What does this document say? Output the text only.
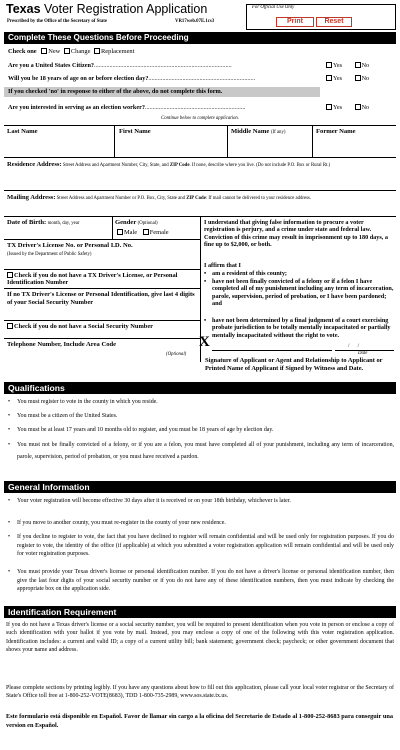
Texas Voter Registration Application
Prescribed by the Office of the Secretary of State	VR17web.07E.1cs3
For Official Use Only
Print	Reset
Complete These Questions Before Proceeding
Check one New Change Replacement
Are you a United States Citizen?.........................................................................................	Yes	No
Will you be 18 years of age on or before election day?.....................................................................	Yes	No
If you checked 'no' in response to either of the above, do not complete this form.
Are you interested in serving as an election worker?.................................................................	Yes	No
Continue below to complete application.
Last Name	First Name	Middle Name (If any)	Former Name
Residence Address: Street Address and Apartment Number, City, State, and ZIP Code. If none, describe where you live. (Do not include P.O. Box or Rural Rt.)
Mailing Address: Street Address and Apartment Number or P.O. Box, City, State and ZIP Code: If mail cannot be delivered to your residence address.
Date of Birth: month, day, year	Gender (Optional)
Male Female
TX Driver's License No. or Personal I.D. No.
(Issued by the Department of Public Safety)
Check if you do not have a TX Driver's License, or Personal Identification Number
If no TX Driver's License or Personal Identification, give last 4 digits of your Social Security Number
Check if you do not have a Social Security Number
Telephone Number, Include Area Code
(Optional)
I understand that giving false information to procure a voter registration is perjury, and a crime under state and federal law. Conviction of this crime may result in imprisonment up to 180 days, a fine up to $2,000, or both.
I affirm that I
• am a resident of this county;
• have not been finally convicted of a felony or if a felon I have completed all of my punishment including any term of incarceration, parole, supervision, period of probation, or I have been pardoned; and
• have not been determined by a final judgment of a court exercising probate jurisdiction to be totally mentally incapacitated or partially mentally incapacitated without the right to vote.
X	/      /
Date
Signature of Applicant or Agent and Relationship to Applicant or Printed Name of Applicant if Signed by Witness and Date.
Qualifications
•	You must register to vote in the county in which you reside.
•	You must be a citizen of the United States.
•	You must be at least 17 years and 10 months old to register, and you must be 18 years of age by election day.
•	You must not be finally convicted of a felony, or if you are a felon, you must have completed all of your punishment, including any term of incarceration, parole, supervision, period of probation, or you must have received a pardon.
General Information
•	Your voter registration will become effective 30 days after it is received or on your 18th birthday, whichever is later.
•	If you move to another county, you must re-register in the county of your new residence.
•	If you decline to register to vote, the fact that you have declined to register will remain confidential and will be used only for registration purposes. If you do register to vote, the identity of the office (if applicable) at which you submitted a voter registration application will remain confidential and will be used only for voter registration purposes.
•	You must provide your Texas driver's license or personal identification number. If you do not have a driver's license or personal identification number, then give the last four digits of your social security number or if you do not have any of these identification numbers, then you must indicate by checking the appropriate box on the application side.
Identification Requirement
If you do not have a Texas driver's license or a social security number, you will be required to present identification when you vote in person or enclose a copy of such identification with your ballot if you vote by mail. Instead, you may enclose a copy of one of the following with this voter registration application. Identification includes: a current and valid ID; a copy of a current utility bill; bank statement; government check; paycheck; or other government document that shows your name and address.
Please complete sections by printing legibly. If you have any questions about how to fill out this application, please call your local voter registrar or the Secretary of State's Office toll free at 1-800-252-VOTE(8683), TDD 1-800-735-2989, www.sos.state.tx.us.
Este formulario está disponible en Español. Favor de llamar sin cargo a la oficina del Secretario de Estado al 1-800-252-8683 para conseguir una version en Español.
